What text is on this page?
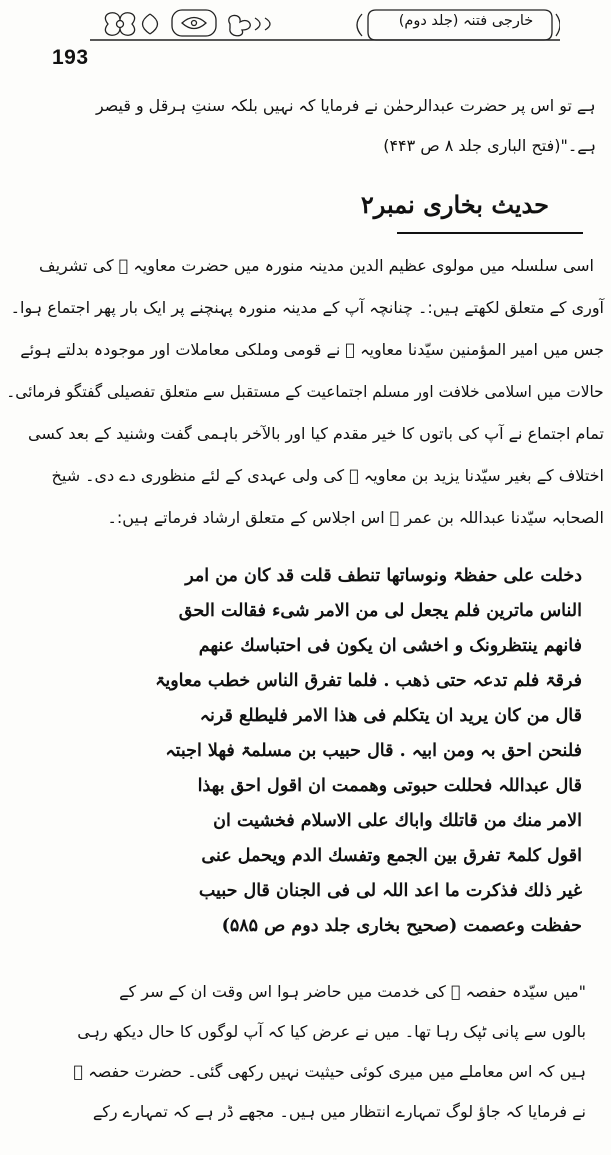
193
خارجی فتنہ (جلد دوم)
ہے تو اس پر حضرت عبدالرحمٰن نے فرمایا کہ نہیں بلکہ سنتِ ہرقل و قیصر
ہے۔"(فتح الباری جلد ۸ ص ۴۴۳)
حدیث بخاری نمبر۲
اسی سلسلہ میں مولوی عظیم الدین مدینہ منورہ میں حضرت معاویہ ﷛ کی تشریف
آوری کے متعلق لکھتے ہیں:۔ چنانچہ آپ کے مدینہ منورہ پہنچنے پر ایک بار پھر اجتماع ہوا۔
جس میں امیر المؤمنین سیّدنا معاویہ ﷛ نے قومی وملکی معاملات اور موجودہ بدلتے ہوئے
حالات میں اسلامی خلافت اور مسلم اجتماعیت کے مستقبل سے متعلق تفصیلی گفتگو فرمائی۔
تمام اجتماع نے آپ کی باتوں کا خیر مقدم کیا اور بالآخر باہمی گفت وشنید کے بعد کسی
اختلاف کے بغیر سیّدنا یزید بن معاویہ ﷛ کی ولی عہدی کے لئے منظوری دے دی۔ شیخ
الصحابہ سیّدنا عبداللہ بن عمر ﷛ اس اجلاس کے متعلق ارشاد فرماتے ہیں:۔
دخلت علی حفظۃ ونوساتھا تنطف قلت قد کان من امر
الناس ماترین فلم یجعل لی من الامر شیء فقالت الحق
فانھم ینتظرونک و اخشی ان یکون فی احتباسك عنھم
فرقۃ فلم تدعہ حتی ذھب . فلما تفرق الناس خطب معاویۃ
قال من کان یرید ان یتکلم فی ھذا الامر فلیطلع قرنہ
فلنحن احق بہ ومن ابیہ . قال حبیب بن مسلمۃ فھلا اجبتہ
قال عبداللہ فحللت حبوتی وھممت ان اقول احق بھذا
الامر منك من قاتلك واباك علی الاسلام فخشیت ان
اقول کلمۃ تفرق بین الجمع وتفسك الدم ویحمل عنی
غیر ذلك فذکرت ما اعد اللہ لی فی الجنان قال حبیب
حفظت وعصمت (صحیح بخاری جلد دوم ص ۵۸۵)
"میں سیّدہ حفصہ ﷛ کی خدمت میں حاضر ہوا اس وقت ان کے سر کے
بالوں سے پانی ٹپک رہا تھا۔ میں نے عرض کیا کہ آپ لوگوں کا حال دیکھ رہی
ہیں کہ اس معاملے میں میری کوئی حیثیت نہیں رکھی گئی۔ حضرت حفصہ ﷛
نے فرمایا کہ جاؤ لوگ تمہارے انتظار میں ہیں۔ مجھے ڈر ہے کہ تمہارے رکے
